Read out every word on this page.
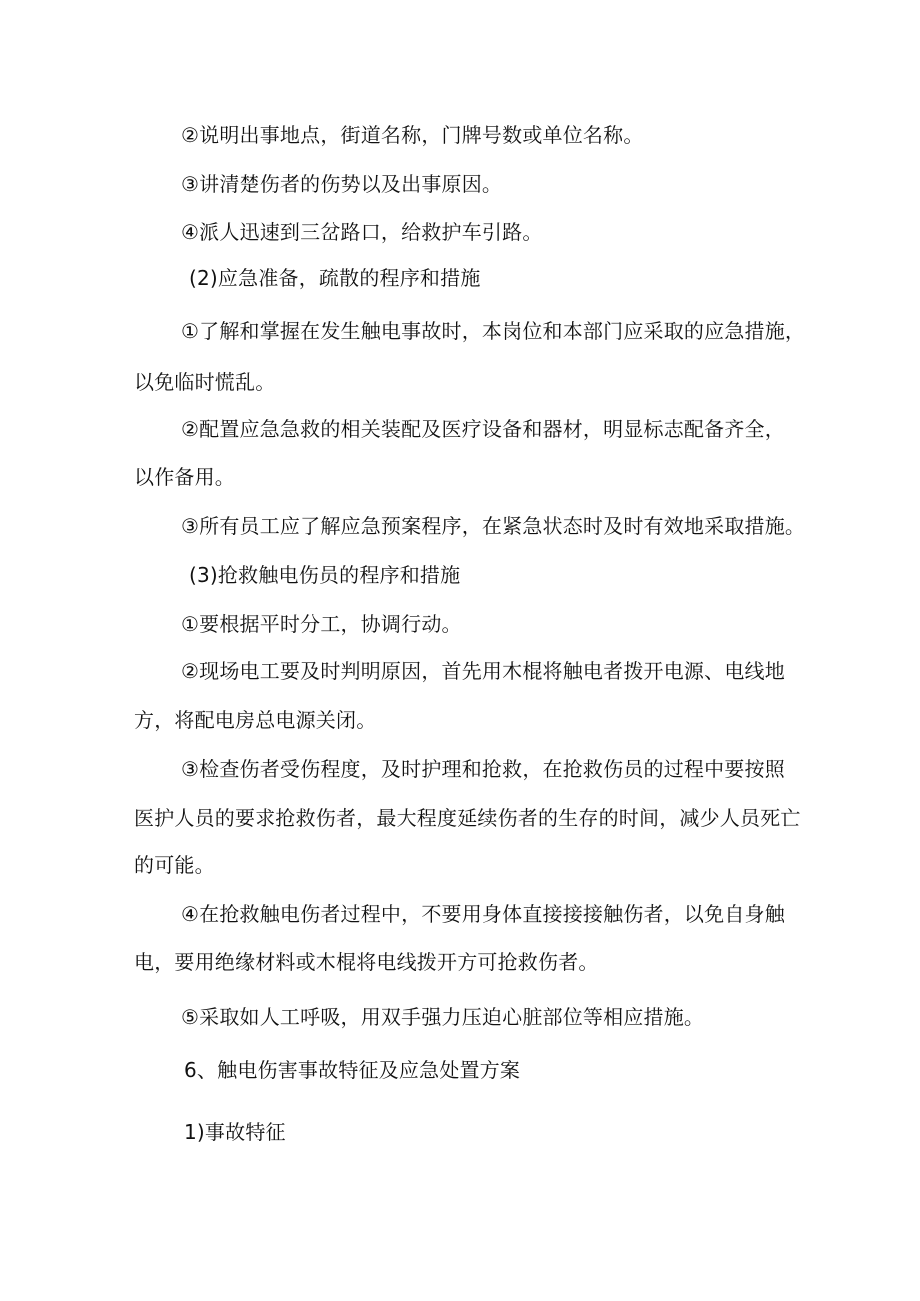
②说明出事地点，街道名称，门牌号数或单位名称。
③讲清楚伤者的伤势以及出事原因。
④派人迅速到三岔路口，给救护车引路。
(2)应急准备，疏散的程序和措施
①了解和掌握在发生触电事故时，本岗位和本部门应采取的应急措施，
以免临时慌乱。
②配置应急急救的相关装配及医疗设备和器材，明显标志配备齐全，
以作备用。
③所有员工应了解应急预案程序，在紧急状态时及时有效地采取措施。
(3)抢救触电伤员的程序和措施
①要根据平时分工，协调行动。
②现场电工要及时判明原因，首先用木棍将触电者拨开电源、电线地
方，将配电房总电源关闭。
③检查伤者受伤程度，及时护理和抢救，在抢救伤员的过程中要按照
医护人员的要求抢救伤者，最大程度延续伤者的生存的时间，减少人员死亡
的可能。
④在抢救触电伤者过程中，不要用身体直接接接触伤者，以免自身触
电，要用绝缘材料或木棍将电线拨开方可抢救伤者。
⑤采取如人工呼吸，用双手强力压迫心脏部位等相应措施。
6、触电伤害事故特征及应急处置方案
1)事故特征
